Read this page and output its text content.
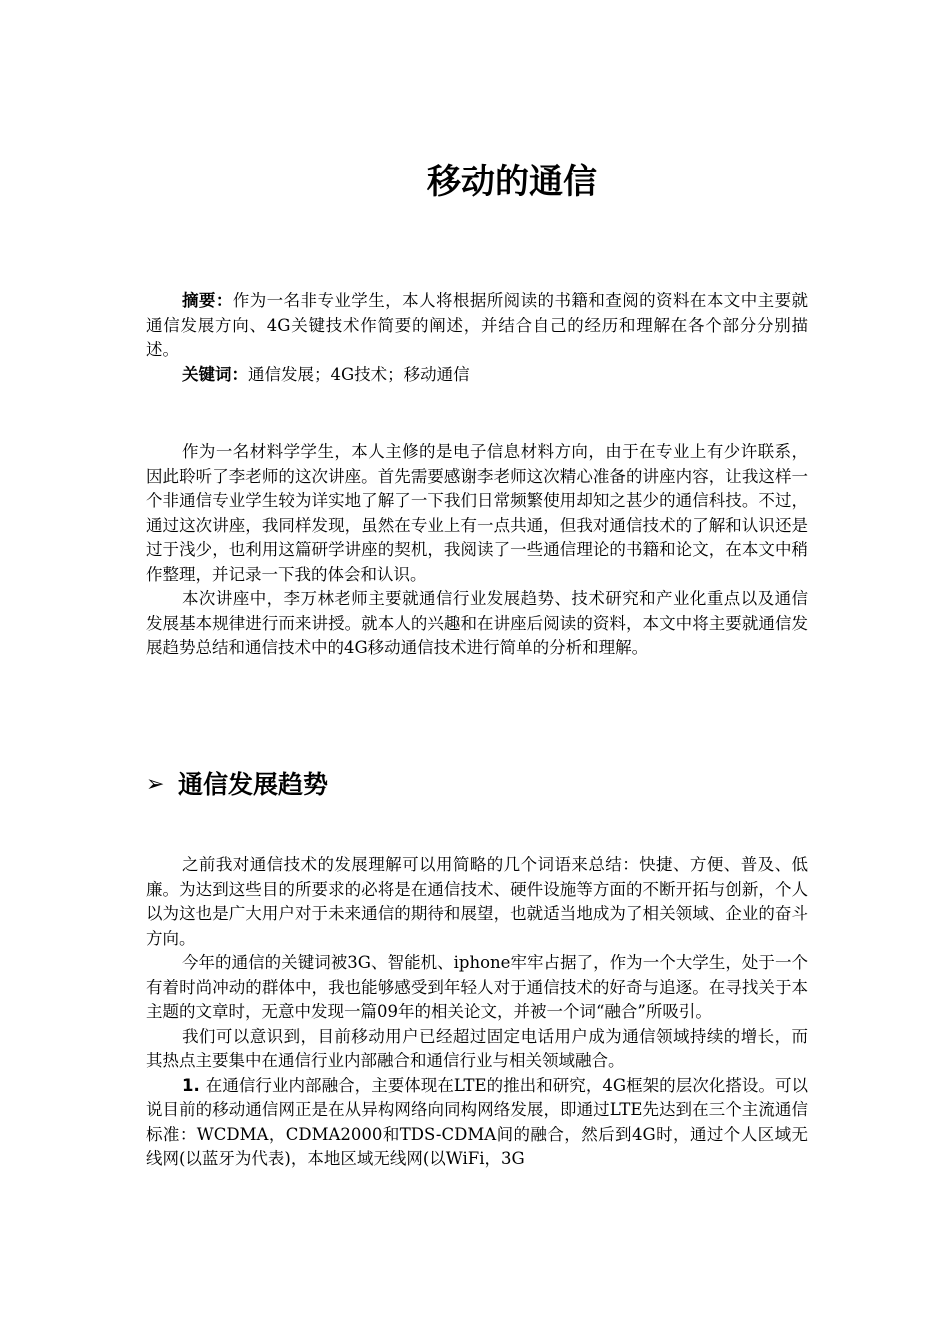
移动的通信

摘要：作为一名非专业学生，本人将根据所阅读的书籍和查阅的资料在本文中主要就通信发展方向、4G关键技术作简要的阐述，并结合自己的经历和理解在各个部分分别描述。

关键词：通信发展；4G技术；移动通信

作为一名材料学学生，本人主修的是电子信息材料方向，由于在专业上有少许联系，因此聆听了李老师的这次讲座。首先需要感谢李老师这次精心准备的讲座内容，让我这样一个非通信专业学生较为详实地了解了一下我们日常频繁使用却知之甚少的通信科技。不过，通过这次讲座，我同样发现，虽然在专业上有一点共通，但我对通信技术的了解和认识还是过于浅少，也利用这篇研学讲座的契机，我阅读了一些通信理论的书籍和论文，在本文中稍作整理，并记录一下我的体会和认识。

本次讲座中，李万林老师主要就通信行业发展趋势、技术研究和产业化重点以及通信发展基本规律进行而来讲授。就本人的兴趣和在讲座后阅读的资料，本文中将主要就通信发展趋势总结和通信技术中的4G移动通信技术进行简单的分析和理解。

➢ 通信发展趋势

之前我对通信技术的发展理解可以用简略的几个词语来总结：快捷、方便、普及、低廉。为达到这些目的所要求的必将是在通信技术、硬件设施等方面的不断开拓与创新，个人以为这也是广大用户对于未来通信的期待和展望，也就适当地成为了相关领域、企业的奋斗方向。

今年的通信的关键词被3G、智能机、iphone牢牢占据了，作为一个大学生，处于一个有着时尚冲动的群体中，我也能够感受到年轻人对于通信技术的好奇与追逐。在寻找关于本主题的文章时，无意中发现一篇09年的相关论文，并被一个词“融合”所吸引。

我们可以意识到，目前移动用户已经超过固定电话用户成为通信领域持续的增长，而其热点主要集中在通信行业内部融合和通信行业与相关领域融合。

1. 在通信行业内部融合，主要体现在LTE的推出和研究，4G框架的层次化搭设。可以说目前的移动通信网正是在从异构网络向同构网络发展，即通过LTE先达到在三个主流通信标准：WCDMA，CDMA2000和TDS-CDMA间的融合，然后到4G时，通过个人区域无线网(以蓝牙为代表)，本地区域无线网(以WiFi，3G
